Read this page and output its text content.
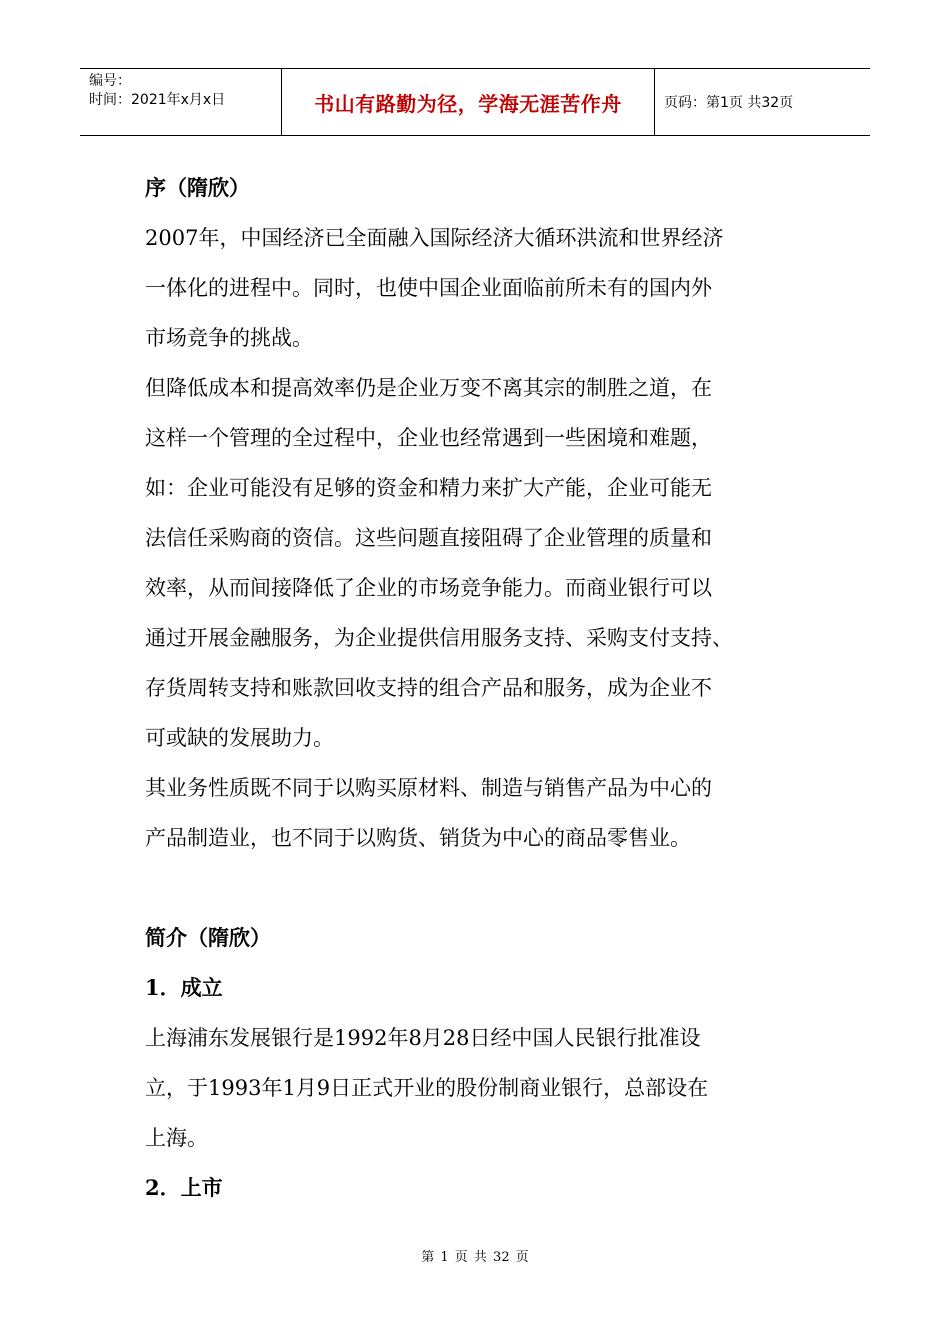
编号：
时间：2021年x月x日	书山有路勤为径，学海无涯苦作舟	页码：第1页 共32页
序（隋欣）
2007年，中国经济已全面融入国际经济大循环洪流和世界经济
一体化的进程中。同时，也使中国企业面临前所未有的国内外
市场竞争的挑战。
但降低成本和提高效率仍是企业万变不离其宗的制胜之道，在
这样一个管理的全过程中，企业也经常遇到一些困境和难题，
如：企业可能没有足够的资金和精力来扩大产能，企业可能无
法信任采购商的资信。这些问题直接阻碍了企业管理的质量和
效率，从而间接降低了企业的市场竞争能力。而商业银行可以
通过开展金融服务，为企业提供信用服务支持、采购支付支持、
存货周转支持和账款回收支持的组合产品和服务，成为企业不
可或缺的发展助力。
其业务性质既不同于以购买原材料、制造与销售产品为中心的
产品制造业，也不同于以购货、销货为中心的商品零售业。
简介（隋欣）
1．成立
上海浦东发展银行是1992年8月28日经中国人民银行批准设
立，于1993年1月9日正式开业的股份制商业银行，总部设在
上海。
2．上市
第 1 页 共 32 页
